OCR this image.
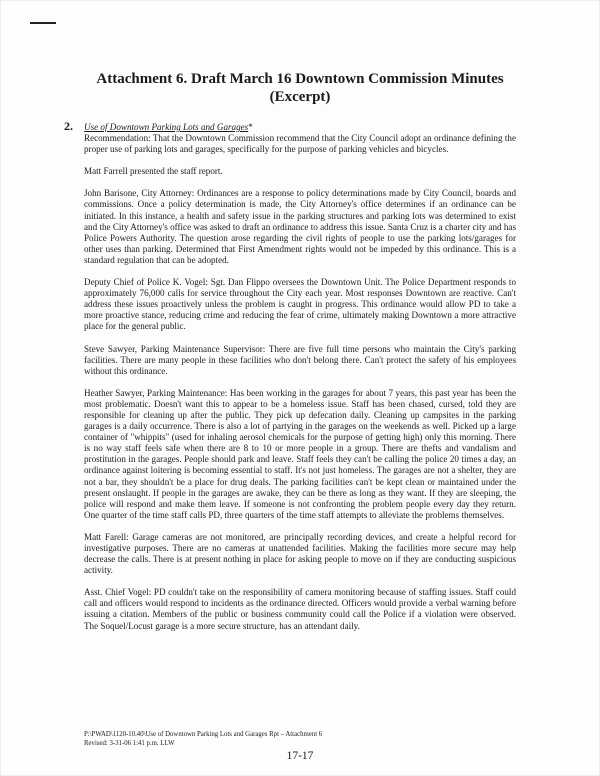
Attachment 6. Draft March 16 Downtown Commission Minutes
(Excerpt)
2. Use of Downtown Parking Lots and Garages*

Recommendation: That the Downtown Commission recommend that the City Council adopt an ordinance defining the proper use of parking lots and garages, specifically for the purpose of parking vehicles and bicycles.

Matt Farrell presented the staff report.

John Barisone, City Attorney: Ordinances are a response to policy determinations made by City Council, boards and commissions. Once a policy determination is made, the City Attorney's office determines if an ordinance can be initiated. In this instance, a health and safety issue in the parking structures and parking lots was determined to exist and the City Attorney's office was asked to draft an ordinance to address this issue. Santa Cruz is a charter city and has Police Powers Authority. The question arose regarding the civil rights of people to use the parking lots/garages for other uses than parking. Determined that First Amendment rights would not be impeded by this ordinance. This is a standard regulation that can be adopted.

Deputy Chief of Police K. Vogel: Sgt. Dan Flippo oversees the Downtown Unit. The Police Department responds to approximately 76,000 calls for service throughout the City each year. Most responses Downtown are reactive. Can't address these issues proactively unless the problem is caught in progress. This ordinance would allow PD to take a more proactive stance, reducing crime and reducing the fear of crime, ultimately making Downtown a more attractive place for the general public.

Steve Sawyer, Parking Maintenance Supervisor: There are five full time persons who maintain the City's parking facilities. There are many people in these facilities who don't belong there. Can't protect the safety of his employees without this ordinance.

Heather Sawyer, Parking Maintenance: Has been working in the garages for about 7 years, this past year has been the most problematic. Doesn't want this to appear to be a homeless issue. Staff has been chased, cursed, told they are responsible for cleaning up after the public. They pick up defecation daily. Cleaning up campsites in the parking garages is a daily occurrence. There is also a lot of partying in the garages on the weekends as well. Picked up a large container of "whippits" (used for inhaling aerosol chemicals for the purpose of getting high) only this morning. There is no way staff feels safe when there are 8 to 10 or more people in a group. There are thefts and vandalism and prostitution in the garages. People should park and leave. Staff feels they can't be calling the police 20 times a day, an ordinance against loitering is becoming essential to staff. It's not just homeless. The garages are not a shelter, they are not a bar, they shouldn't be a place for drug deals. The parking facilities can't be kept clean or maintained under the present onslaught. If people in the garages are awake, they can be there as long as they want. If they are sleeping, the police will respond and make them leave. If someone is not confronting the problem people every day they return. One quarter of the time staff calls PD, three quarters of the time staff attempts to alleviate the problems themselves.

Matt Farell: Garage cameras are not monitored, are principally recording devices, and create a helpful record for investigative purposes. There are no cameras at unattended facilities. Making the facilities more secure may help decrease the calls. There is at present nothing in place for asking people to move on if they are conducting suspicious activity.

Asst. Chief Vogel: PD couldn't take on the responsibility of camera monitoring because of staffing issues. Staff could call and officers would respond to incidents as the ordinance directed. Officers would provide a verbal warning before issuing a citation. Members of the public or business community could call the Police if a violation were observed. The Soquel/Locust garage is a more secure structure, has an attendant daily.

P:\PWAD\1120-10.40\Use of Downtown Parking Lots and Garages Rpt – Attachment 6
Revised: 3-31-06 1:41 p.m. LLW
17-17
